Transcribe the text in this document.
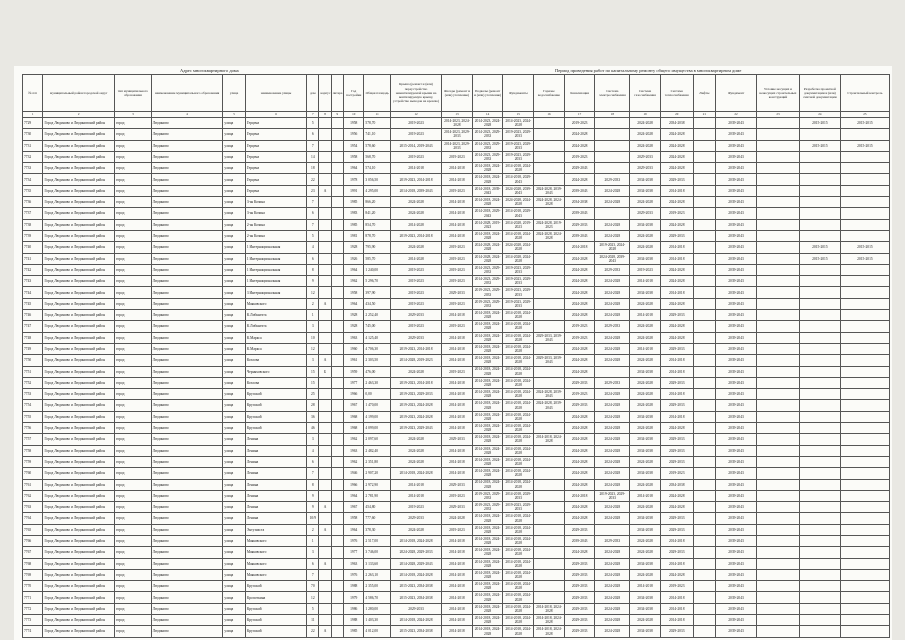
Адрес многоквартирного дома	Период проведения работ по капитальному ремонту общего имущества в многоквартирном доме
№ п/п	муниципальный район/городской округ	тип муниципального образования	наименование муниципального образования	улица	наименование улицы	дом	корпус	литера	Год постройки	Общая площадь	Крыша (ремонт и (или) переустройство невентилируемой крыши на вентилируемую крышу, устройство выходов на кровлю)	Фасады (ремонт и (или) утепление)	Подвалы (ремонт и (или) утепление)	Фундаменты	Горячее водоснабжение	Канализация	Система электроснабжения	Система газоснабжения	Система теплоснабжения	Лифты	Фундамент	Условие несущих и ненесущих строительных конструкций	Разработка проектной документации и (или) сметной документации	Строительный контроль
1	2	3	4	5	6	7	8	9	10	11	12	13	14	15	16	17	18	19	20	21	22	23	24	25
7729	Город Людиново и Людиновский район	город	Людиново	улица	Герцена	5			1958	578,70	2019-2023	2014-2023, 2024-2028	2014-2023, 2024-2028	2014-2023, 2024-2028		2019-2023		2024-2028	2034-2038		2039-2043		2015-2015	2015-2015
7730	Город Людиново и Людиновский район	город	Людиново	улица	Герцена	6			1956	741,10	2019-2023	2014-2023, 2029-2033	2014-2023, 2029-2033	2019-2023, 2029-2033		2024-2028		2024-2028	2024-2028		2039-2043			
7731	Город Людиново и Людиновский район	город	Людиново	улица	Герцена	7			1954	578,60	2015-2014, 2019-2043	2014-2023, 2029-2033	2014-2023, 2029-2033	2019-2023, 2029-2033		2024-2028		2024-2028	2024-2028		2039-2043		2015-2015	2015-2015
7732	Город Людиново и Людиновский район	город	Людиново	улица	Герцена	14			1958	568,70	2019-2023	2019-2023	2014-2023, 2029-2033	2019-2023, 2029-2033		2019-2023		2029-2033	2024-2028		2039-2043			
7733	Город Людиново и Людиновский район	город	Людиново	улица	Герцена	18			1964	574,10	2014-2018	2014-2018	2014-2018, 2024-2028	2014-2018, 2024-2028		2029-2043		2029-2033	2024-2028		2039-2043			
7734	Город Людиново и Людиновский район	город	Людиново	улица	Герцена	22			1978	3 056,50	2019-2023, 2014-2018	2014-2018	2014-2018, 2024-2028	2014-2018, 2029-2043		2024-2028	2029-2033	2034-2038	2029-2033		2039-2043			
7735	Город Людиново и Людиновский район	город	Людиново	улица	Герцена	23	А		1991	4 295,00	2014-2018, 2039-2043	2019-2023	2014-2018, 2039-2043	2024-2028, 2039-2043	2024-2028, 2039-2043	2039-2043	2024-2028	2034-2038	2014-2018		2039-2043			
7736	Город Людиново и Людиновский район	город	Людиново	улица	3-ая Козина	7			1985	866,20	2024-2028	2014-2018	2014-2018, 2024-2028	2024-2028, 2024-2028	2024-2028, 2024-2028	2034-2038	2024-2028	2024-2028	2024-2028		2039-2043			
7737	Город Людиново и Людиновский район	город	Людиново	улица	3-ая Козина	6			1983	841,20	2024-2028	2014-2018	2014-2018, 2029-2043	2014-2018, 2029-2043		2039-2043		2029-2033	2019-2023		2039-2043			
7738	Город Людиново и Людиновский район	город	Людиново	улица	2-ая Козина	7			1985	854,70	2014-2028	2014-2018	2014-2028, 2019-2023	2014-2028, 2019-2023	2024-2028, 2019-2023	2029-2033	2024-2028	2034-2038	2024-2028		2039-2043			
7739	Город Людиново и Людиновский район	город	Людиново	улица	2-ая Козина	5			1981	878,70	2019-2023, 2014-2018	2014-2018	2014-2018, 2024-2028	2014-2018, 2024-2028	2024-2028, 2024-2028	2039-2043	2024-2028	2024-2028	2029-2033		2039-2043			
7740	Город Людиново и Людиновский район	город	Людиново	улица	1 Интернациональная	4			1928	795,90	2024-2028	2019-2023	2024-2028, 2024-2028	2024-2028, 2024-2028		2014-2018	2019-2023, 2024-2028	2024-2028	2014-2018		2039-2043		2015-2015	2015-2015
7741	Город Людиново и Людиновский район	город	Людиново	улица	1 Интернациональная	6			1926	585,70	2014-2028	2019-2023	2014-2028, 2024-2028	2014-2028, 2024-2028		2024-2028	2024-2028, 2039-2043	2034-2038	2014-2018		2039-2043		2015-2015	2015-2015
7742	Город Людиново и Людиновский район	город	Людиново	улица	1 Интернациональная	8			1964	1 240,00	2019-2023	2019-2023	2014-2023, 2029-2033	2019-2023, 2029-2033		2024-2028	2029-2033	2019-2023	2024-2028		2039-2043			
7743	Город Людиново и Людиновский район	город	Людиново	улица	1 Интернациональная	9			1962	5 296,70	2019-2023	2019-2023	2014-2023, 2029-2033	2019-2023, 2029-2033		2024-2028	2024-2028	2014-2018	2024-2028		2039-2043			
7744	Город Людиново и Людиновский район	город	Людиново	улица	3 Интернациональная	12			1958	397,90	2019-2023	2029-2033	2019-2023, 2029-2033	2019-2023, 2029-2033		2024-2028	2024-2028	2034-2038	2014-2018		2039-2043			
7745	Город Людиново и Людиновский район	город	Людиново	улица	Маяковского	2	А		1964	434,50	2019-2023	2019-2023	2019-2023, 2029-2033	2019-2023, 2029-2033		2024-2028	2024-2028	2024-2028	2024-2028		2039-2043			
7746	Город Людиново и Людиновский район	город	Людиново	улица	К.Либкнехта	1			1928	2 252,40	2029-2033	2014-2018	2014-2018, 2024-2028	2014-2018, 2024-2028		2024-2028	2024-2028	2014-2018	2029-2033		2039-2043			
7747	Город Людиново и Людиновский район	город	Людиново	улица	К.Либкнехта	3			1928	745,00	2019-2023	2019-2023	2014-2018, 2024-2028	2014-2018, 2024-2028		2019-2023	2029-2033	2024-2028	2024-2028		2039-2043			
7748	Город Людиново и Людиновский район	город	Людиново	улица	К.Маркса	10			1963	4 125,40	2029-2033	2014-2018	2014-2018, 2024-2028	2014-2018, 2024-2028	2029-2033, 2039-2043	2019-2023	2024-2028	2024-2028	2024-2028		2039-2043			
7749	Город Людиново и Людиновский район	город	Людиново	улица	К.Маркса	12			1960	4 706,30	2019-2023, 2014-2018	2014-2018	2014-2018, 2024-2028	2014-2018, 2024-2028		2024-2028	2024-2028	2014-2018	2029-2033		2039-2043			
7750	Город Людиново и Людиновский район	город	Людиново	улица	Козлова	3	А		1961	2 303,50	2014-2028, 2019-2023	2014-2018	2014-2018, 2024-2028	2014-2018, 2024-2028	2029-2033, 2039-2043	2024-2028	2024-2028	2024-2028	2014-2018		2039-2043			
7751	Город Людиново и Людиновский район	город	Людиново	улица	Черняховского	15	Б		1959	476,00	2024-2028	2019-2023	2014-2018, 2024-2028	2014-2018, 2024-2028		2024-2028		2034-2038	2014-2018		2039-2043			
7752	Город Людиново и Людиновский район	город	Людиново	улица	Козлова	15			1977	2 463,30	2019-2023, 2014-2018	2014-2018	2014-2018, 2024-2028	2014-2018, 2024-2028		2029-2033	2029-2033	2024-2028	2029-2033		2039-2043			
7753	Город Людиново и Людиновский район	город	Людиново	улица	Крупской	25			1966	0,00	2019-2023, 2029-2033	2014-2018	2014-2018, 2024-2028	2014-2018, 2024-2028	2024-2028, 2039-2043	2019-2023	2024-2028	2024-2028	2014-2018		2039-2043			
7754	Город Людиново и Людиновский район	город	Людиново	улица	Крупской	28			1967	1 470,00	2019-2023, 2024-2028	2014-2018	2014-2018, 2024-2028	2014-2018, 2024-2028	2024-2028, 2039-2043	2029-2033	2024-2028	2024-2028	2029-2033		2039-2043			
7755	Город Людиново и Людиновский район	город	Людиново	улица	Крупской	36			1968	4 199,00	2019-2023, 2024-2028	2014-2018	2014-2018, 2024-2028	2014-2018, 2024-2028		2024-2028	2024-2028	2034-2038	2014-2018		2039-2043			
7756	Город Людиново и Людиновский район	город	Людиново	улица	Крупской	46			1968	4 099,00	2019-2023, 2029-2043	2014-2018	2014-2018, 2024-2028	2014-2018, 2024-2028		2024-2028	2024-2028	2024-2028	2024-2028		2039-2043			
7757	Город Людиново и Людиновский район	город	Людиново	улица	Ленина	3			1962	2 097,60	2024-2028	2029-2033	2014-2018, 2024-2028	2014-2018, 2024-2028	2014-2018, 2024-2028	2024-2028	2024-2028	2034-2038	2029-2033		2039-2043			
7758	Город Людиново и Людиновский район	город	Людиново	улица	Ленина	4			1963	2 482,40	2024-2028	2014-2018	2014-2018, 2024-2028	2014-2018, 2024-2028		2024-2028	2024-2028	2034-2038	2029-2033		2039-2043			
7759	Город Людиново и Людиновский район	город	Людиново	улица	Ленина	6			1962	2 351,80	2024-2028	2014-2018	2014-2018, 2024-2028	2014-2018, 2024-2028		2024-2028	2024-2028	2024-2028	2029-2033		2039-2043			
7760	Город Людиново и Людиновский район	город	Людиново	улица	Ленина	7			1946	2 907,20	2014-2018, 2024-2028	2014-2018	2014-2018, 2024-2028	2014-2018, 2024-2028		2024-2028	2024-2028	2034-2038	2019-2023		2039-2043			
7761	Город Людиново и Людиновский район	город	Людиново	улица	Ленина	8			1966	2 972,90	2014-2018	2029-2033	2014-2018, 2024-2028	2014-2018, 2024-2028		2024-2028	2024-2028	2024-2028	2034-2038		2039-2043			
7762	Город Людиново и Людиновский район	город	Людиново	улица	Ленина	9			1964	2 781,90	2014-2018	2019-2023	2019-2023, 2029-2033	2014-2018, 2029-2033		2014-2018	2019-2023, 2029-2033	2014-2018	2024-2028		2039-2043			
7763	Город Людиново и Людиновский район	город	Людиново	улица	Ленина	9	А		1967	454,80	2019-2023	2029-2033	2019-2023, 2029-2033	2019-2023, 2029-2033		2024-2028	2024-2028	2024-2028	2024-2028		2039-2043			
7764	Город Людиново и Людиновский район	город	Людиново	улица	Ленина	10/9			1958	777,60	2029-2033	2024-2028	2014-2018, 2024-2028	2014-2018, 2024-2028		2024-2028	2024-2028	2034-2038	2029-2033		2039-2043			
7765	Город Людиново и Людиновский район	город	Людиново	улица	Энтузиаста	2	А		1964	378,30	2024-2028	2019-2023	2014-2018, 2024-2028	2014-2018, 2024-2028		2029-2033		2034-2038	2029-2033		2039-2043			
7766	Город Людиново и Людиновский район	город	Людиново	улица	Маяковского	1			1976	2 517,00	2014-2018, 2024-2028	2014-2018	2014-2018, 2024-2028	2014-2018, 2024-2028		2039-2043	2029-2033	2024-2028	2014-2018		2039-2043			
7767	Город Людиново и Людиновский район	город	Людиново	улица	Маяковского	3			1977	3 746,00	2024-2028, 2029-2033	2014-2018	2014-2018, 2024-2028	2014-2018, 2024-2028		2024-2028	2024-2028	2024-2028	2029-2033		2039-2043			
7768	Город Людиново и Людиновский район	город	Людиново	улица	Маяковского	6	А		1963	3 133,60	2014-2028, 2029-2043	2014-2018	2014-2018, 2024-2028	2014-2018, 2024-2028		2029-2033	2024-2028	2034-2038	2014-2018		2039-2043			
7769	Город Людиново и Людиновский район	город	Людиново	улица	Маяковского	7			1976	2 263,10	2014-2018, 2024-2028	2014-2018	2014-2018, 2024-2028	2014-2018, 2024-2028		2029-2033	2024-2028	2024-2028	2024-2028		2039-2043			
7770	Город Людиново и Людиновский район	город	Людиново	улица	Крупской	70			1988	2 355,00	2015-2023, 2034-2038	2014-2018	2014-2018, 2024-2028	2014-2018, 2024-2028		2029-2033	2024-2028	2014-2018	2019-2023		2039-2043			
7771	Город Людиново и Людиновский район	город	Людиново	улица	Кропоткина	12			1979	4 586,70	2015-2023, 2034-2038	2014-2018	2014-2018, 2024-2028	2014-2018, 2024-2028		2029-2033	2024-2028	2034-2038	2014-2018		2039-2043			
7772	Город Людиново и Людиновский район	город	Людиново	улица	Крупской	5			1986	1 280,00	2029-2033	2014-2018	2014-2018, 2024-2028	2014-2018, 2024-2028	2014-2018, 2024-2028	2029-2033	2024-2028	2034-2038	2014-2018		2039-2043			
7773	Город Людиново и Людиновский район	город	Людиново	улица	Крупской	11			1988	1 403,30	2014-2018, 2024-2028	2014-2018	2014-2018, 2024-2028	2014-2018, 2024-2028	2014-2018, 2024-2028	2029-2033	2024-2028	2024-2028	2014-2018		2039-2043			
7774	Город Людиново и Людиновский район	город	Людиново	улица	Крупской	22	А		1985	4 012,00	2015-2023, 2034-2038	2014-2018	2014-2018, 2024-2028	2014-2018, 2024-2028	2014-2018, 2024-2028	2029-2033	2024-2028	2034-2038	2029-2033		2039-2043			
